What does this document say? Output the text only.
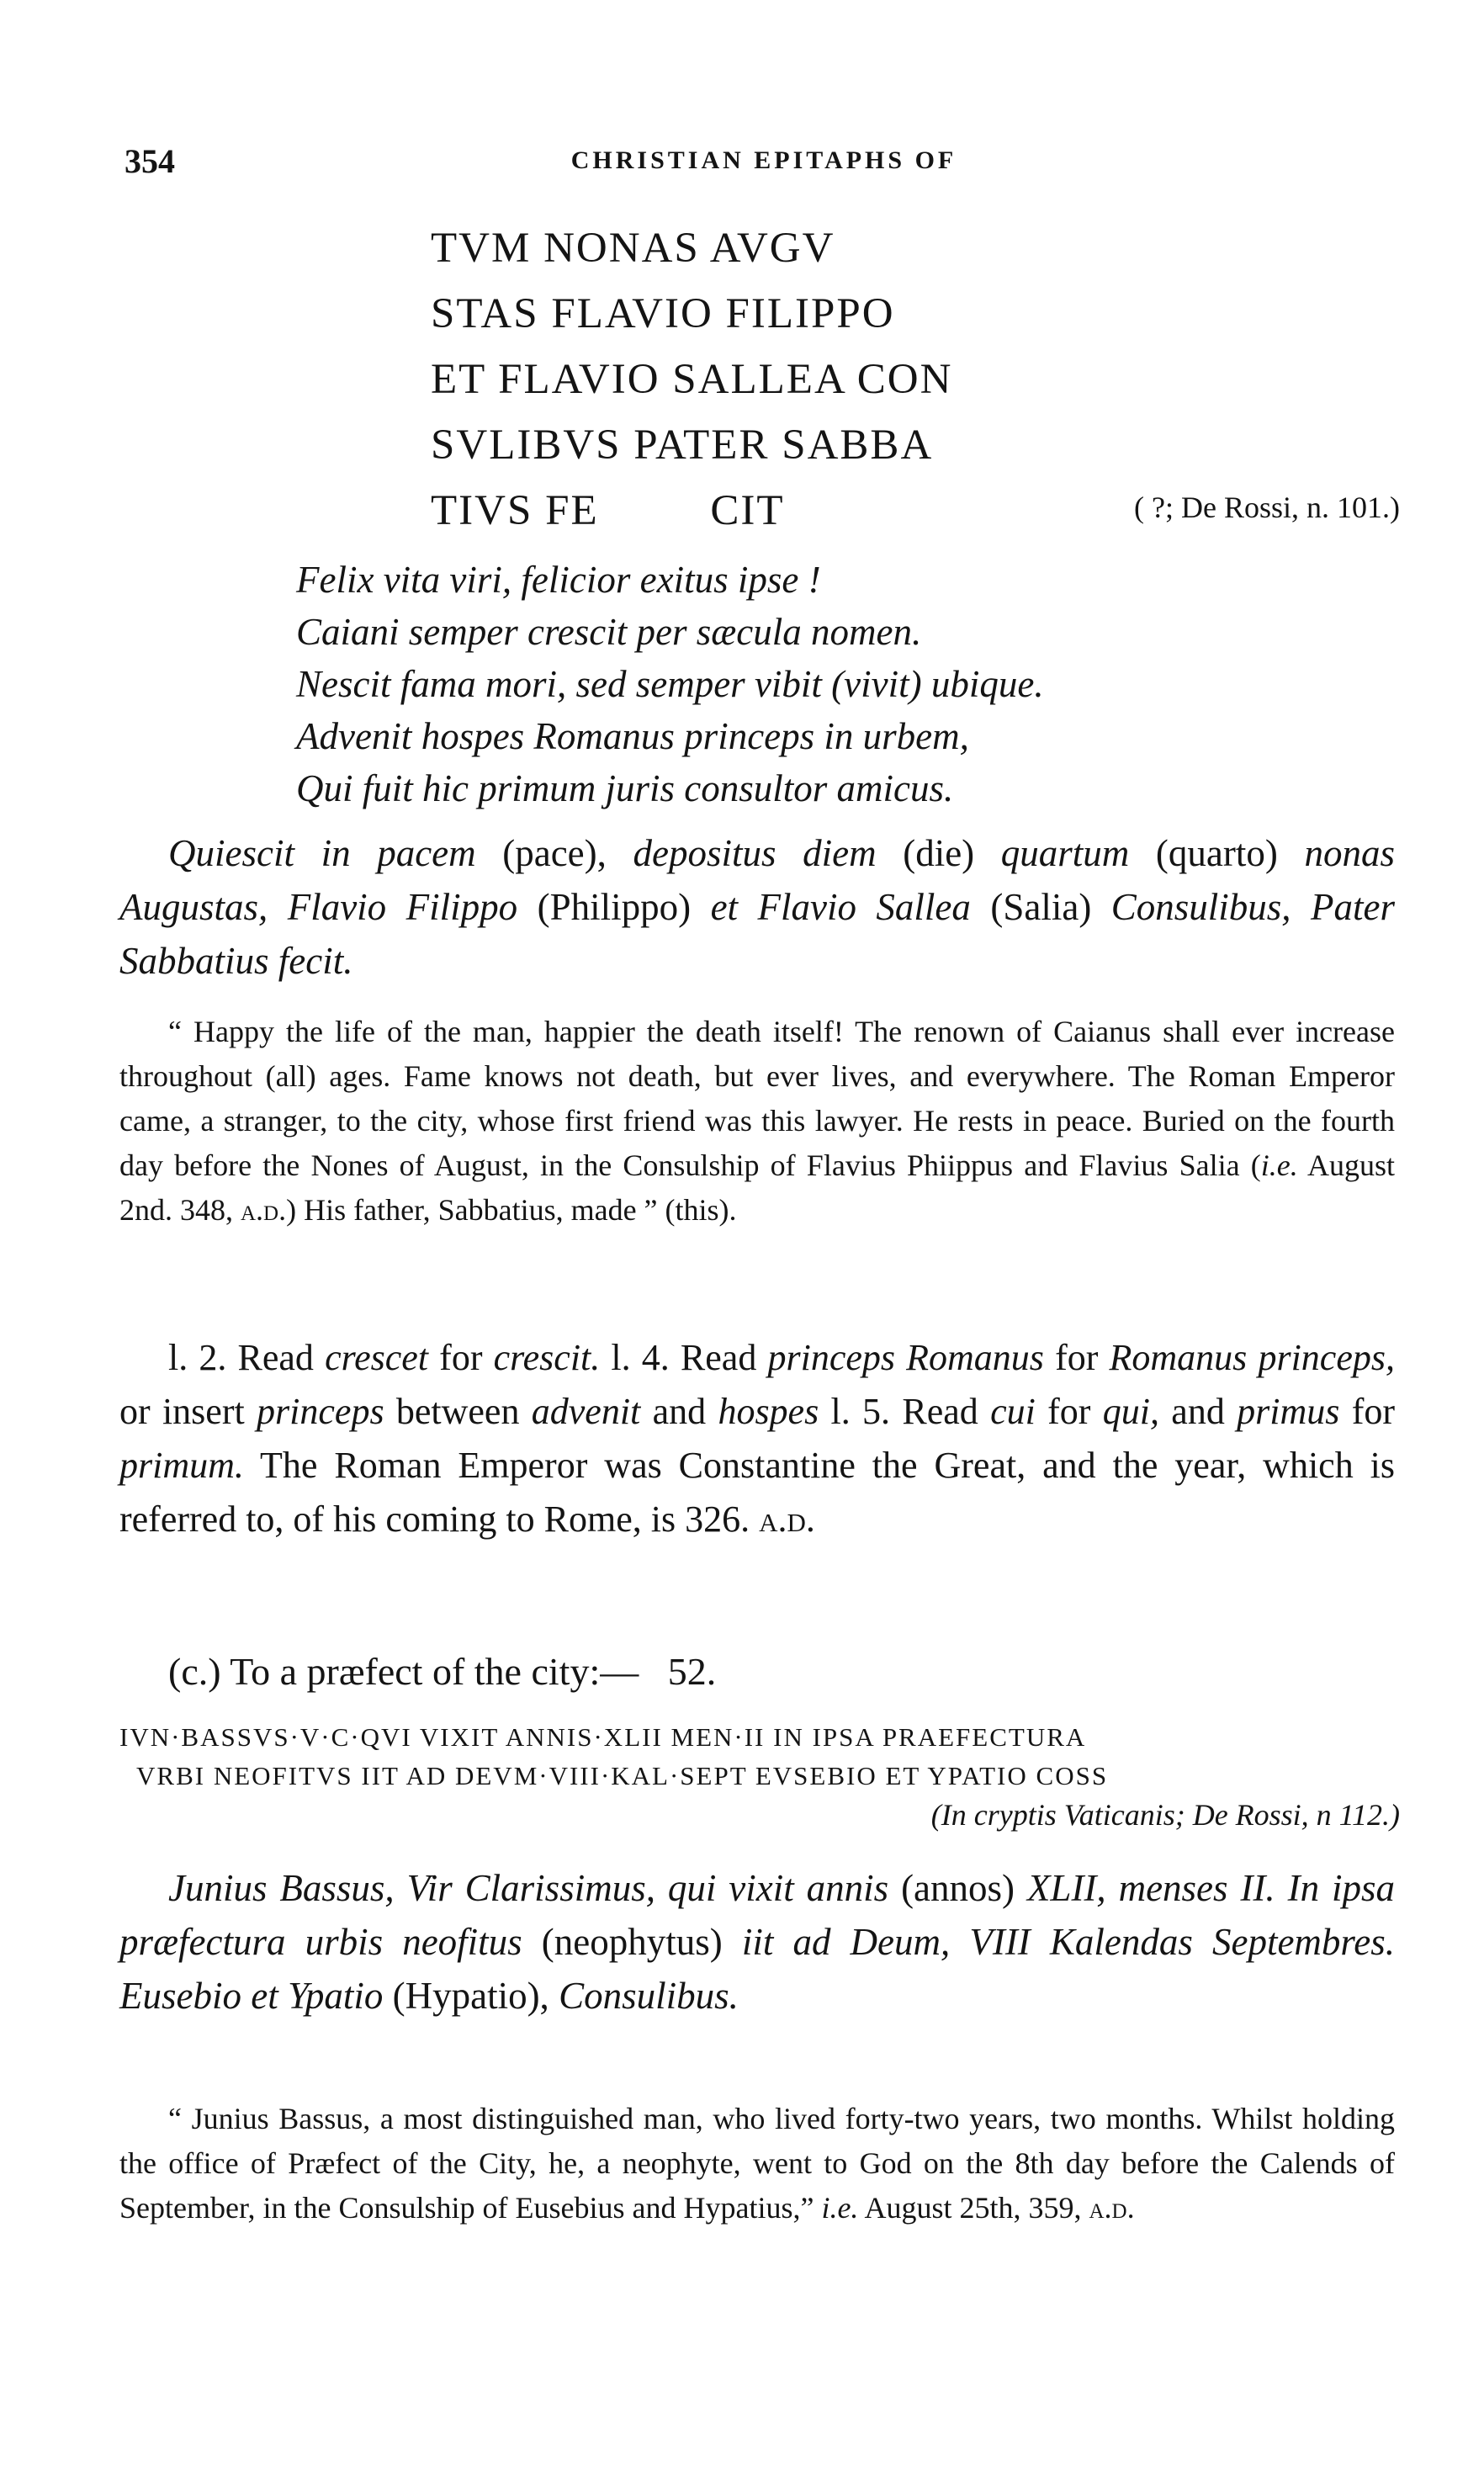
354	CHRISTIAN EPITAPHS OF
TVM NONAS AVGV
STAS FLAVIO FILIPPO
ET FLAVIO SALLEA CON
SVLIBVS PATER SABBA
TIVS FE         CIT	( ?; De Rossi, n. 101.)
Felix vita viri, felicior exitus ipse !
Caiani semper crescit per sæcula nomen.
Nescit fama mori, sed semper vibit (vivit) ubique.
Advenit hospes Romanus princeps in urbem,
Qui fuit hic primum juris consultor amicus.
Quiescit in pacem (pace), depositus diem (die) quartum (quarto) nonas Augustas, Flavio Filippo (Philippo) et Flavio Sallea (Salia) Consulibus, Pater Sabbatius fecit.
“ Happy the life of the man, happier the death itself! The renown of Caianus shall ever increase throughout (all) ages. Fame knows not death, but ever lives, and everywhere. The Roman Emperor came, a stranger, to the city, whose first friend was this lawyer. He rests in peace. Buried on the fourth day before the Nones of August, in the Consulship of Flavius Phiippus and Flavius Salia (i.e. August 2nd. 348, a.d.) His father, Sabbatius, made ” (this).
l. 2. Read crescet for crescit. l. 4. Read princeps Romanus for Romanus princeps, or insert princeps between advenit and hospes l. 5. Read cui for qui, and primus for primum. The Roman Emperor was Constantine the Great, and the year, which is referred to, of his coming to Rome, is 326. a.d.
(c.) To a præfect of the city:— 52.
IVN·BASSVS·V·C·QVI VIXIT ANNIS·XLII MEN·II IN IPSA PRAEFECTURA
VRBI NEOFITVS IIT AD DEVM·VIII·KAL·SEPT EVSEBIO ET YPATIO COSS
(In cryptis Vaticanis; De Rossi, n 112.)
Junius Bassus, Vir Clarissimus, qui vixit annis (annos) XLII, menses II. In ipsa præfectura urbis neofitus (neophytus) iit ad Deum, VIII Kalendas Septembres. Eusebio et Ypatio (Hypatio), Consulibus.
“ Junius Bassus, a most distinguished man, who lived forty-two years, two months. Whilst holding the office of Præfect of the City, he, a neophyte, went to God on the 8th day before the Calends of September, in the Consulship of Eusebius and Hypatius,” i.e. August 25th, 359, a.d.
